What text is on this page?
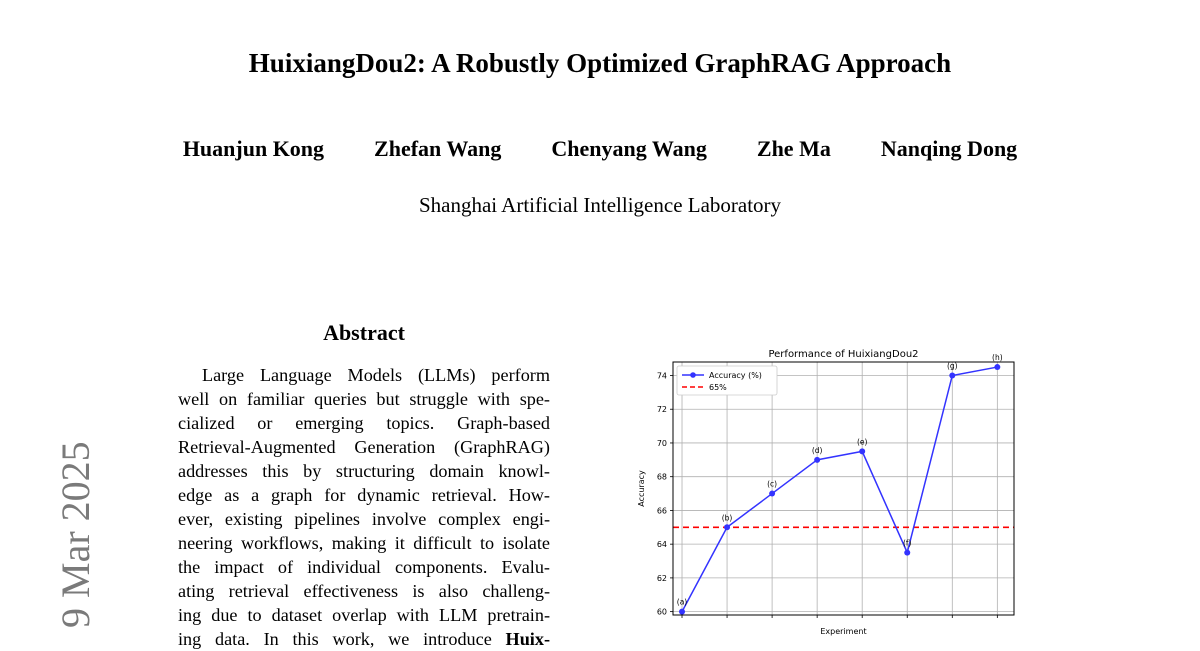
HuixiangDou2: A Robustly Optimized GraphRAG Approach
Huanjun Kong Zhefan Wang Chenyang Wang Zhe Ma Nanqing Dong
Shanghai Artificial Intelligence Laboratory
9 Mar 2025
Abstract
Large Language Models (LLMs) perform
well on familiar queries but struggle with spe-
cialized or emerging topics. Graph-based
Retrieval-Augmented Generation (GraphRAG)
addresses this by structuring domain knowl-
edge as a graph for dynamic retrieval. How-
ever, existing pipelines involve complex engi-
neering workflows, making it difficult to isolate
the impact of individual components. Evalu-
ating retrieval effectiveness is also challeng-
ing due to dataset overlap with LLM pretrain-
ing data. In this work, we introduce Huix-
(a)
(b)
(c)
(d)
(e)
(f)
(g)
(h)
60
62
64
66
68
70
72
74
Performance of HuixiangDou2
Experiment
Accuracy
Accuracy (%)
65%
